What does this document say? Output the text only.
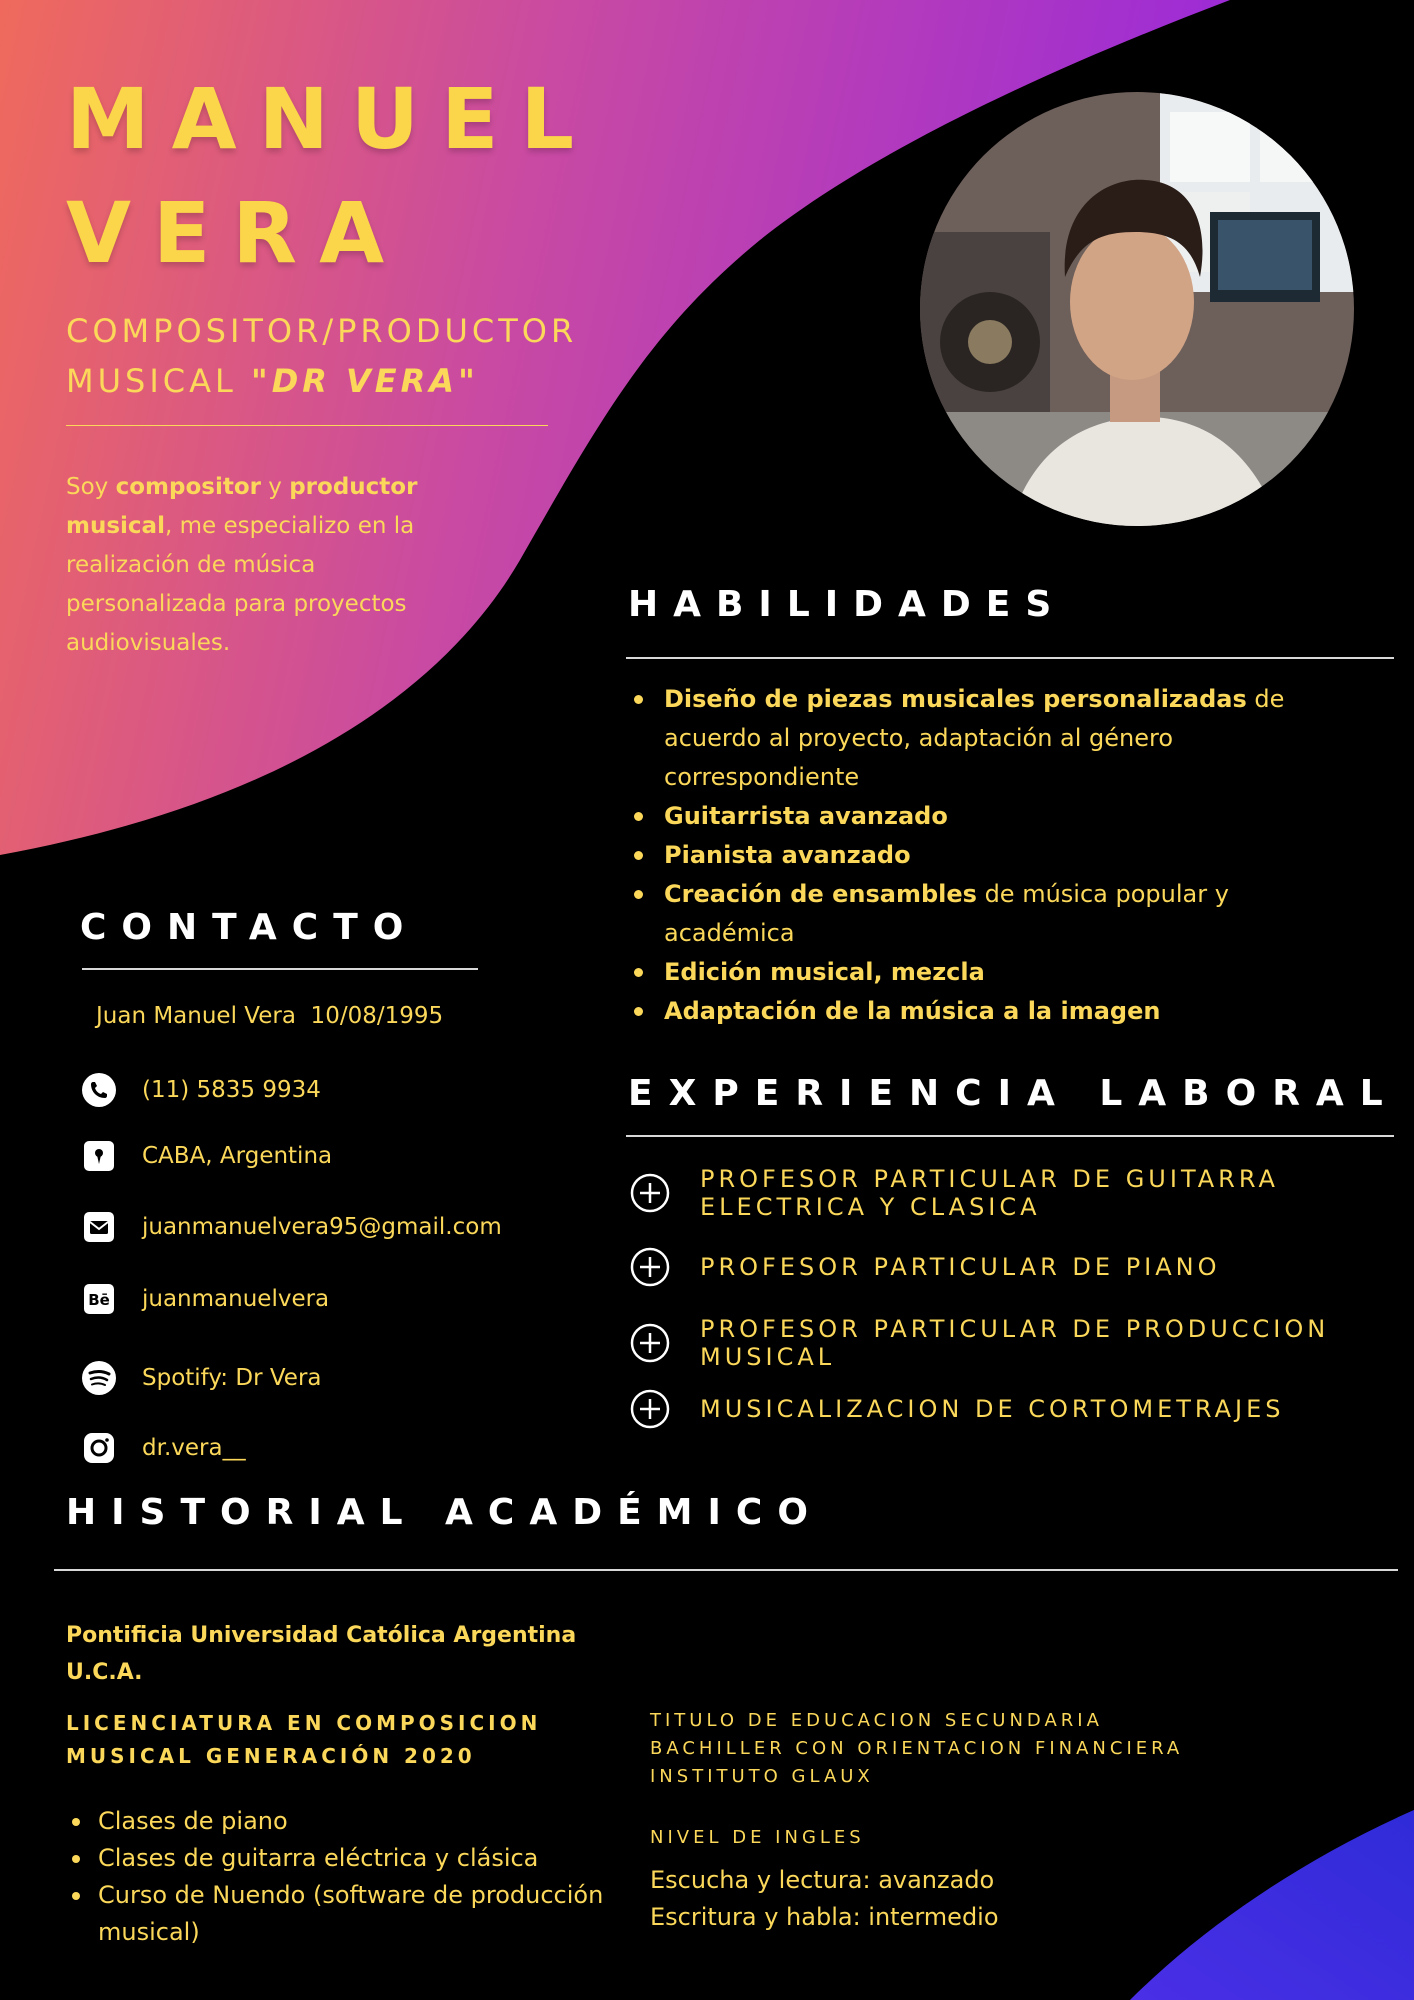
MANUEL
VERA
COMPOSITOR/PRODUCTOR
MUSICAL "DR VERA"
Soy compositor y productor musical, me especializo en la realización de música personalizada para proyectos audiovisuales.
HABILIDADES
Diseño de piezas musicales personalizadas de acuerdo al proyecto, adaptación al género correspondiente
Guitarrista avanzado
Pianista avanzado
Creación de ensambles de música popular y académica
Edición musical, mezcla
Adaptación de la música a la imagen
EXPERIENCIA LABORAL
PROFESOR PARTICULAR DE GUITARRA ELECTRICA Y CLASICA
PROFESOR PARTICULAR DE PIANO
PROFESOR PARTICULAR DE PRODUCCION MUSICAL
MUSICALIZACION DE CORTOMETRAJES
CONTACTO
Juan Manuel Vera  10/08/1995
(11) 5835 9934
CABA, Argentina
juanmanuelvera95@gmail.com
Bē juanmanuelvera
Spotify: Dr Vera
dr.vera__
HISTORIAL ACADÉMICO
Pontificia Universidad Católica Argentina
U.C.A.
LICENCIATURA EN COMPOSICION
MUSICAL GENERACIÓN 2020
Clases de piano
Clases de guitarra eléctrica y clásica
Curso de Nuendo (software de producción musical)
TITULO DE EDUCACION SECUNDARIA
BACHILLER CON ORIENTACION FINANCIERA
INSTITUTO GLAUX
NIVEL DE INGLES
Escucha y lectura: avanzado
Escritura y habla: intermedio
